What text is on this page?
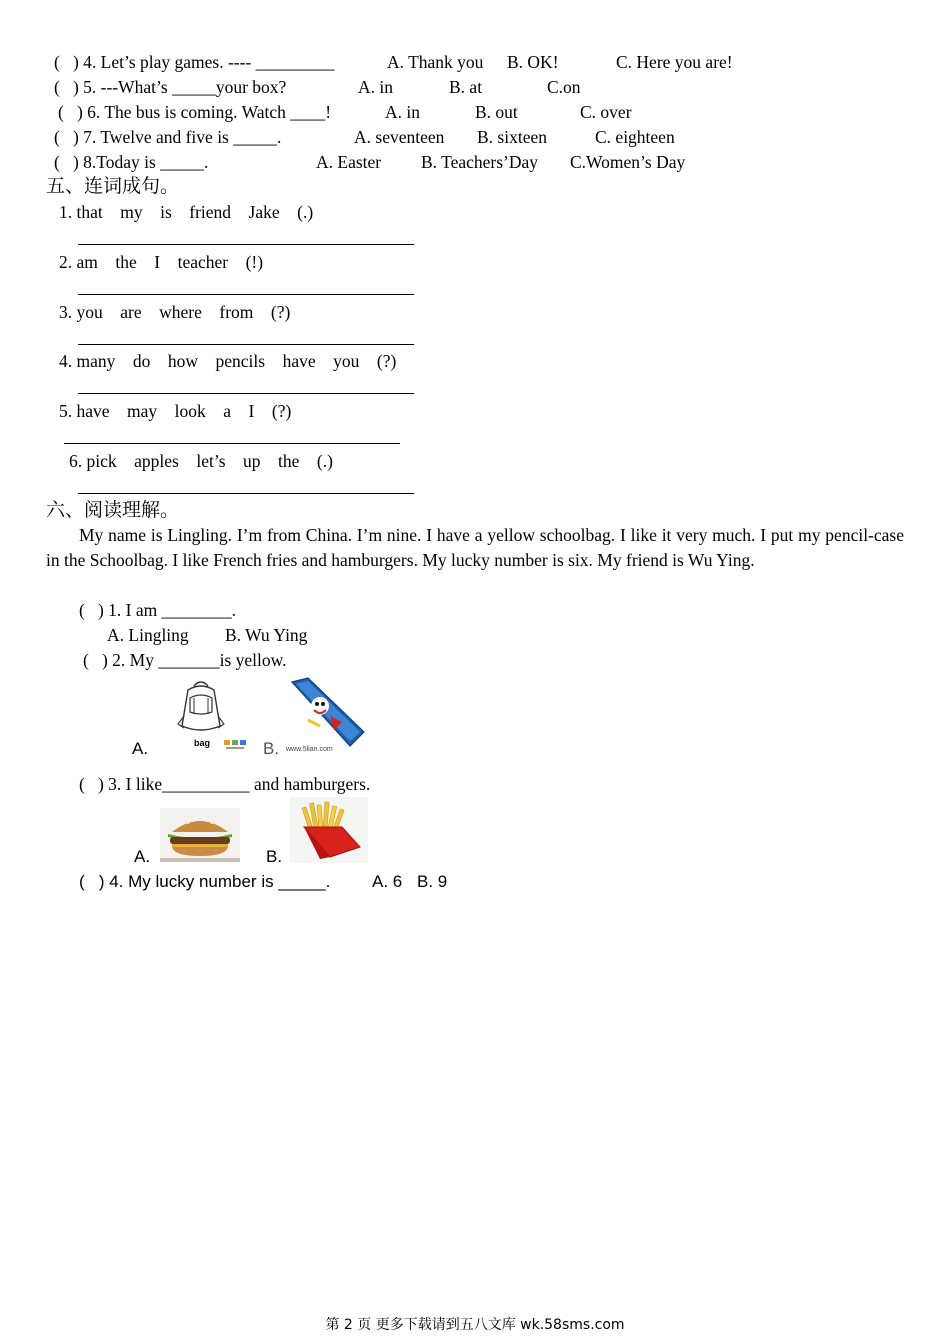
(   ) 4. Let’s play games. ---- _________	A. Thank you B. OK!	C. Here you are!
(   ) 5. ---What’s _____your box?	A. in	B. at	C.on
(   ) 6. The bus is coming. Watch ____!	A. in	B. out	C. over
(   ) 7. Twelve and five is _____.	A. seventeen B. sixteen	C. eighteen
(   ) 8.Today is _____.	A. Easter B. Teachers’Day C.Women’s Day
五、连词成句。
1. that    my    is    friend    Jake    (.)
2. am    the    I    teacher    (!)
3. you    are    where    from    (?)
4. many    do    how    pencils    have    you    (?)
5. have    may    look    a    I    (?)
6. pick    apples    let’s    up    the    (.)
六、阅读理解。
My name is Lingling. I’m from China. I’m nine. I have a yellow schoolbag. I like it very much. I put my pencil-case in the Schoolbag. I like French fries and hamburgers. My lucky number is six. My friend is Wu Ying.
(   ) 1. I am ________.
A. Lingling B. Wu Ying
(   ) 2. My _______is yellow.
A.	bag	B. www.5lian.com
(   ) 3. I like__________ and hamburgers.
A.	B.
(   ) 4. My lucky number is _____. A. 6 B. 9
第 2 页 更多下载请到五八文库 wk.58sms.com
